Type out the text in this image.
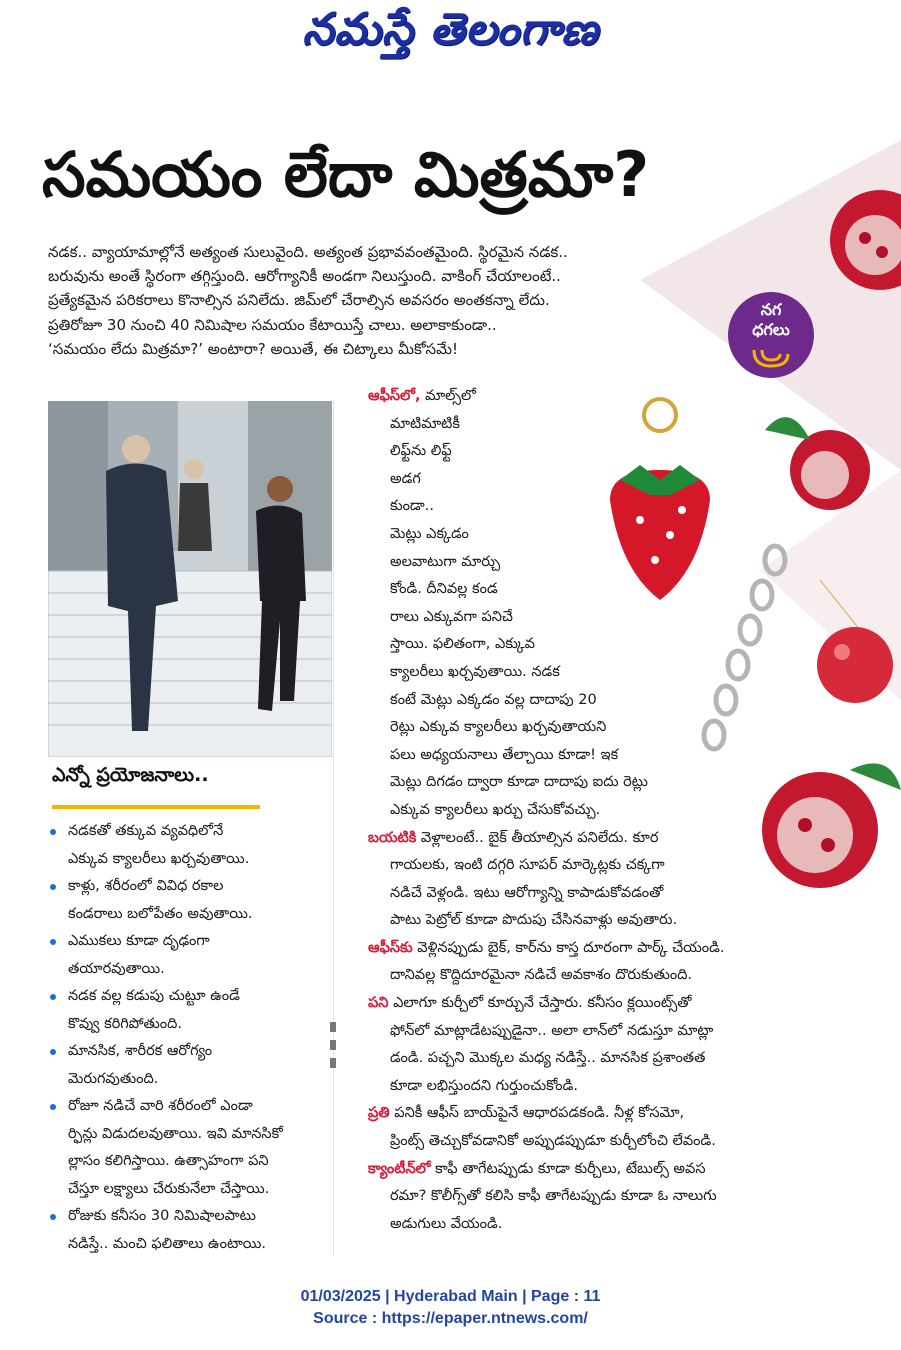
నమస్తే తెలంగాణ
సమయం లేదా మిత్రమా?

నడక.. వ్యాయామాల్లోనే అత్యంత సులువైంది. అత్యంత ప్రభావవంతమైంది. స్థిరమైన నడక..

బరువును అంతే స్థిరంగా తగ్గిస్తుంది. ఆరోగ్యానికీ అండగా నిలుస్తుంది. వాకింగ్ చేయాలంటే..

ప్రత్యేకమైన పరికరాలు కొనాల్సిన పనిలేదు. జిమ్‌లో చేరాల్సిన అవసరం అంతకన్నా లేదు.

ప్రతిరోజూ 30 నుంచి 40 నిమిషాల సమయం కేటాయిస్తే చాలు. అలాకాకుండా..

‘సమయం లేదు మిత్రమా?’ అంటారా? అయితే, ఈ చిట్కాలు మీకోసమే!

నగ
ధగలు
ఎన్నో ప్రయోజనాలు..
నడకతో తక్కువ వ్యవధిలోనే
ఎక్కువ క్యాలరీలు ఖర్చవుతాయి.
కాళ్లు, శరీరంలో వివిధ రకాల
కండరాలు బలోపేతం అవుతాయి.
ఎముకలు కూడా దృఢంగా
తయారవుతాయి.
నడక వల్ల కడుపు చుట్టూ ఉండే
కొవ్వు కరిగిపోతుంది.
మానసిక, శారీరక ఆరోగ్యం
మెరుగవుతుంది.
రోజూ నడిచే వారి శరీరంలో ఎండా
ర్ఫిన్లు విడుదలవుతాయి. ఇవి మానసికో
ల్లాసం కలిగిస్తాయి. ఉత్సాహంగా పని
చేస్తూ లక్ష్యాలు చేరుకునేలా చేస్తాయి.
రోజుకు కనీసం 30 నిమిషాలపాటు
నడిస్తే.. మంచి ఫలితాలు ఉంటాయి.

ఆఫీస్‌లో, మాల్స్‌లో

మాటిమాటికీ

లిఫ్ట్‌ను లిఫ్ట్

అడగ

కుండా..

మెట్లు ఎక్కడం

అలవాటుగా మార్చు

కోండి. దీనివల్ల కండ

రాలు ఎక్కువగా పనిచే

స్తాయి. ఫలితంగా, ఎక్కువ

క్యాలరీలు ఖర్చవుతాయి. నడక

కంటే మెట్లు ఎక్కడం వల్ల దాదాపు 20

రెట్లు ఎక్కువ క్యాలరీలు ఖర్చవుతాయని

పలు అధ్యయనాలు తేల్చాయి కూడా! ఇక

మెట్లు దిగడం ద్వారా కూడా దాదాపు ఐదు రెట్లు

ఎక్కువ క్యాలరీలు ఖర్చు చేసుకోవచ్చు.

బయటికి వెళ్లాలంటే.. బైక్ తీయాల్సిన పనిలేదు. కూర

గాయలకు, ఇంటి దగ్గరి సూపర్ మార్కెట్లకు చక్కగా

నడిచే వెళ్లండి. ఇటు ఆరోగ్యాన్ని కాపాడుకోవడంతో

పాటు పెట్రోల్ కూడా పొదుపు చేసినవాళ్లు అవుతారు.

ఆఫీస్‌కు వెళ్లినప్పుడు బైక్, కార్‌ను కాస్త దూరంగా పార్క్ చేయండి.

దానివల్ల కొద్దిదూరమైనా నడిచే అవకాశం దొరుకుతుంది.

పని ఎలాగూ కుర్చీలో కూర్చునే చేస్తారు. కనీసం క్లయింట్స్‌తో

ఫోన్‌లో మాట్లాడేటప్పుడైనా.. అలా లాన్‌లో నడుస్తూ మాట్లా

డండి. పచ్చని మొక్కల మధ్య నడిస్తే.. మానసిక ప్రశాంతత

కూడా లభిస్తుందని గుర్తుంచుకోండి.

ప్రతి పనికీ ఆఫీస్ బాయ్‌పైనే ఆధారపడకండి. నీళ్ల కోసమో,

ప్రింట్స్ తెచ్చుకోవడానికో అప్పుడప్పుడూ కుర్చీలోంచి లేవండి.

క్యాంటీన్‌లో కాఫీ తాగేటప్పుడు కూడా కుర్చీలు, టేబుల్స్ అవస

రమా? కొలీగ్స్‌తో కలిసి కాఫీ తాగేటప్పుడు కూడా ఓ నాలుగు

అడుగులు వేయండి.

01/03/2025 | Hyderabad Main | Page : 11
Source : https://epaper.ntnews.com/
